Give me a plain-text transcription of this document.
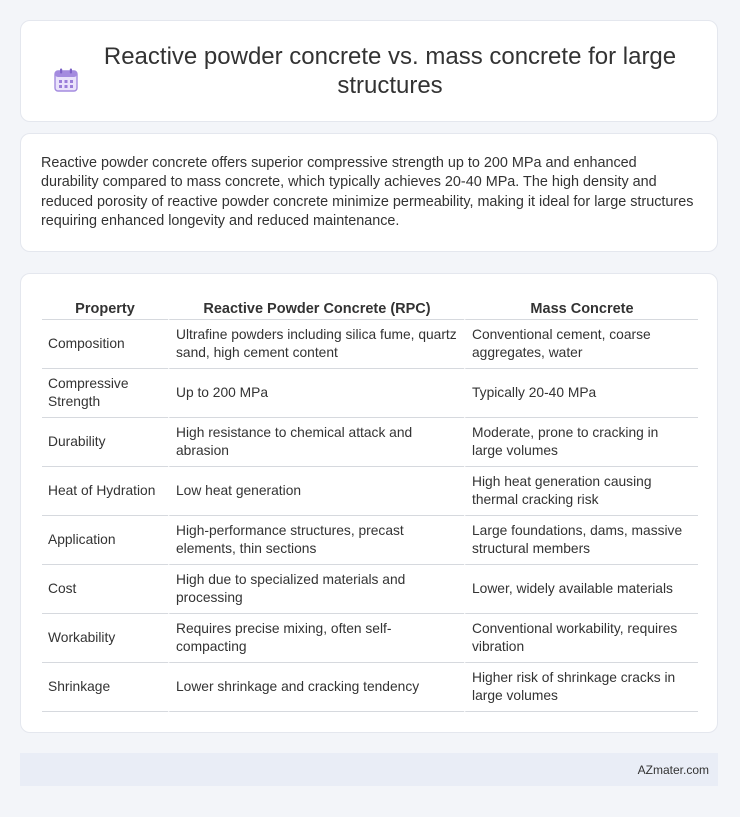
Reactive powder concrete vs. mass concrete for large structures

Reactive powder concrete offers superior compressive strength up to 200 MPa and enhanced durability compared to mass concrete, which typically achieves 20-40 MPa. The high density and reduced porosity of reactive powder concrete minimize permeability, making it ideal for large structures requiring enhanced longevity and reduced maintenance.

Property	Reactive Powder Concrete (RPC)	Mass Concrete
Composition	Ultrafine powders including silica fume, quartz sand, high cement content	Conventional cement, coarse aggregates, water
Compressive Strength	Up to 200 MPa	Typically 20-40 MPa
Durability	High resistance to chemical attack and abrasion	Moderate, prone to cracking in large volumes
Heat of Hydration	Low heat generation	High heat generation causing thermal cracking risk
Application	High-performance structures, precast elements, thin sections	Large foundations, dams, massive structural members
Cost	High due to specialized materials and processing	Lower, widely available materials
Workability	Requires precise mixing, often self-compacting	Conventional workability, requires vibration
Shrinkage	Lower shrinkage and cracking tendency	Higher risk of shrinkage cracks in large volumes
AZmater.com
